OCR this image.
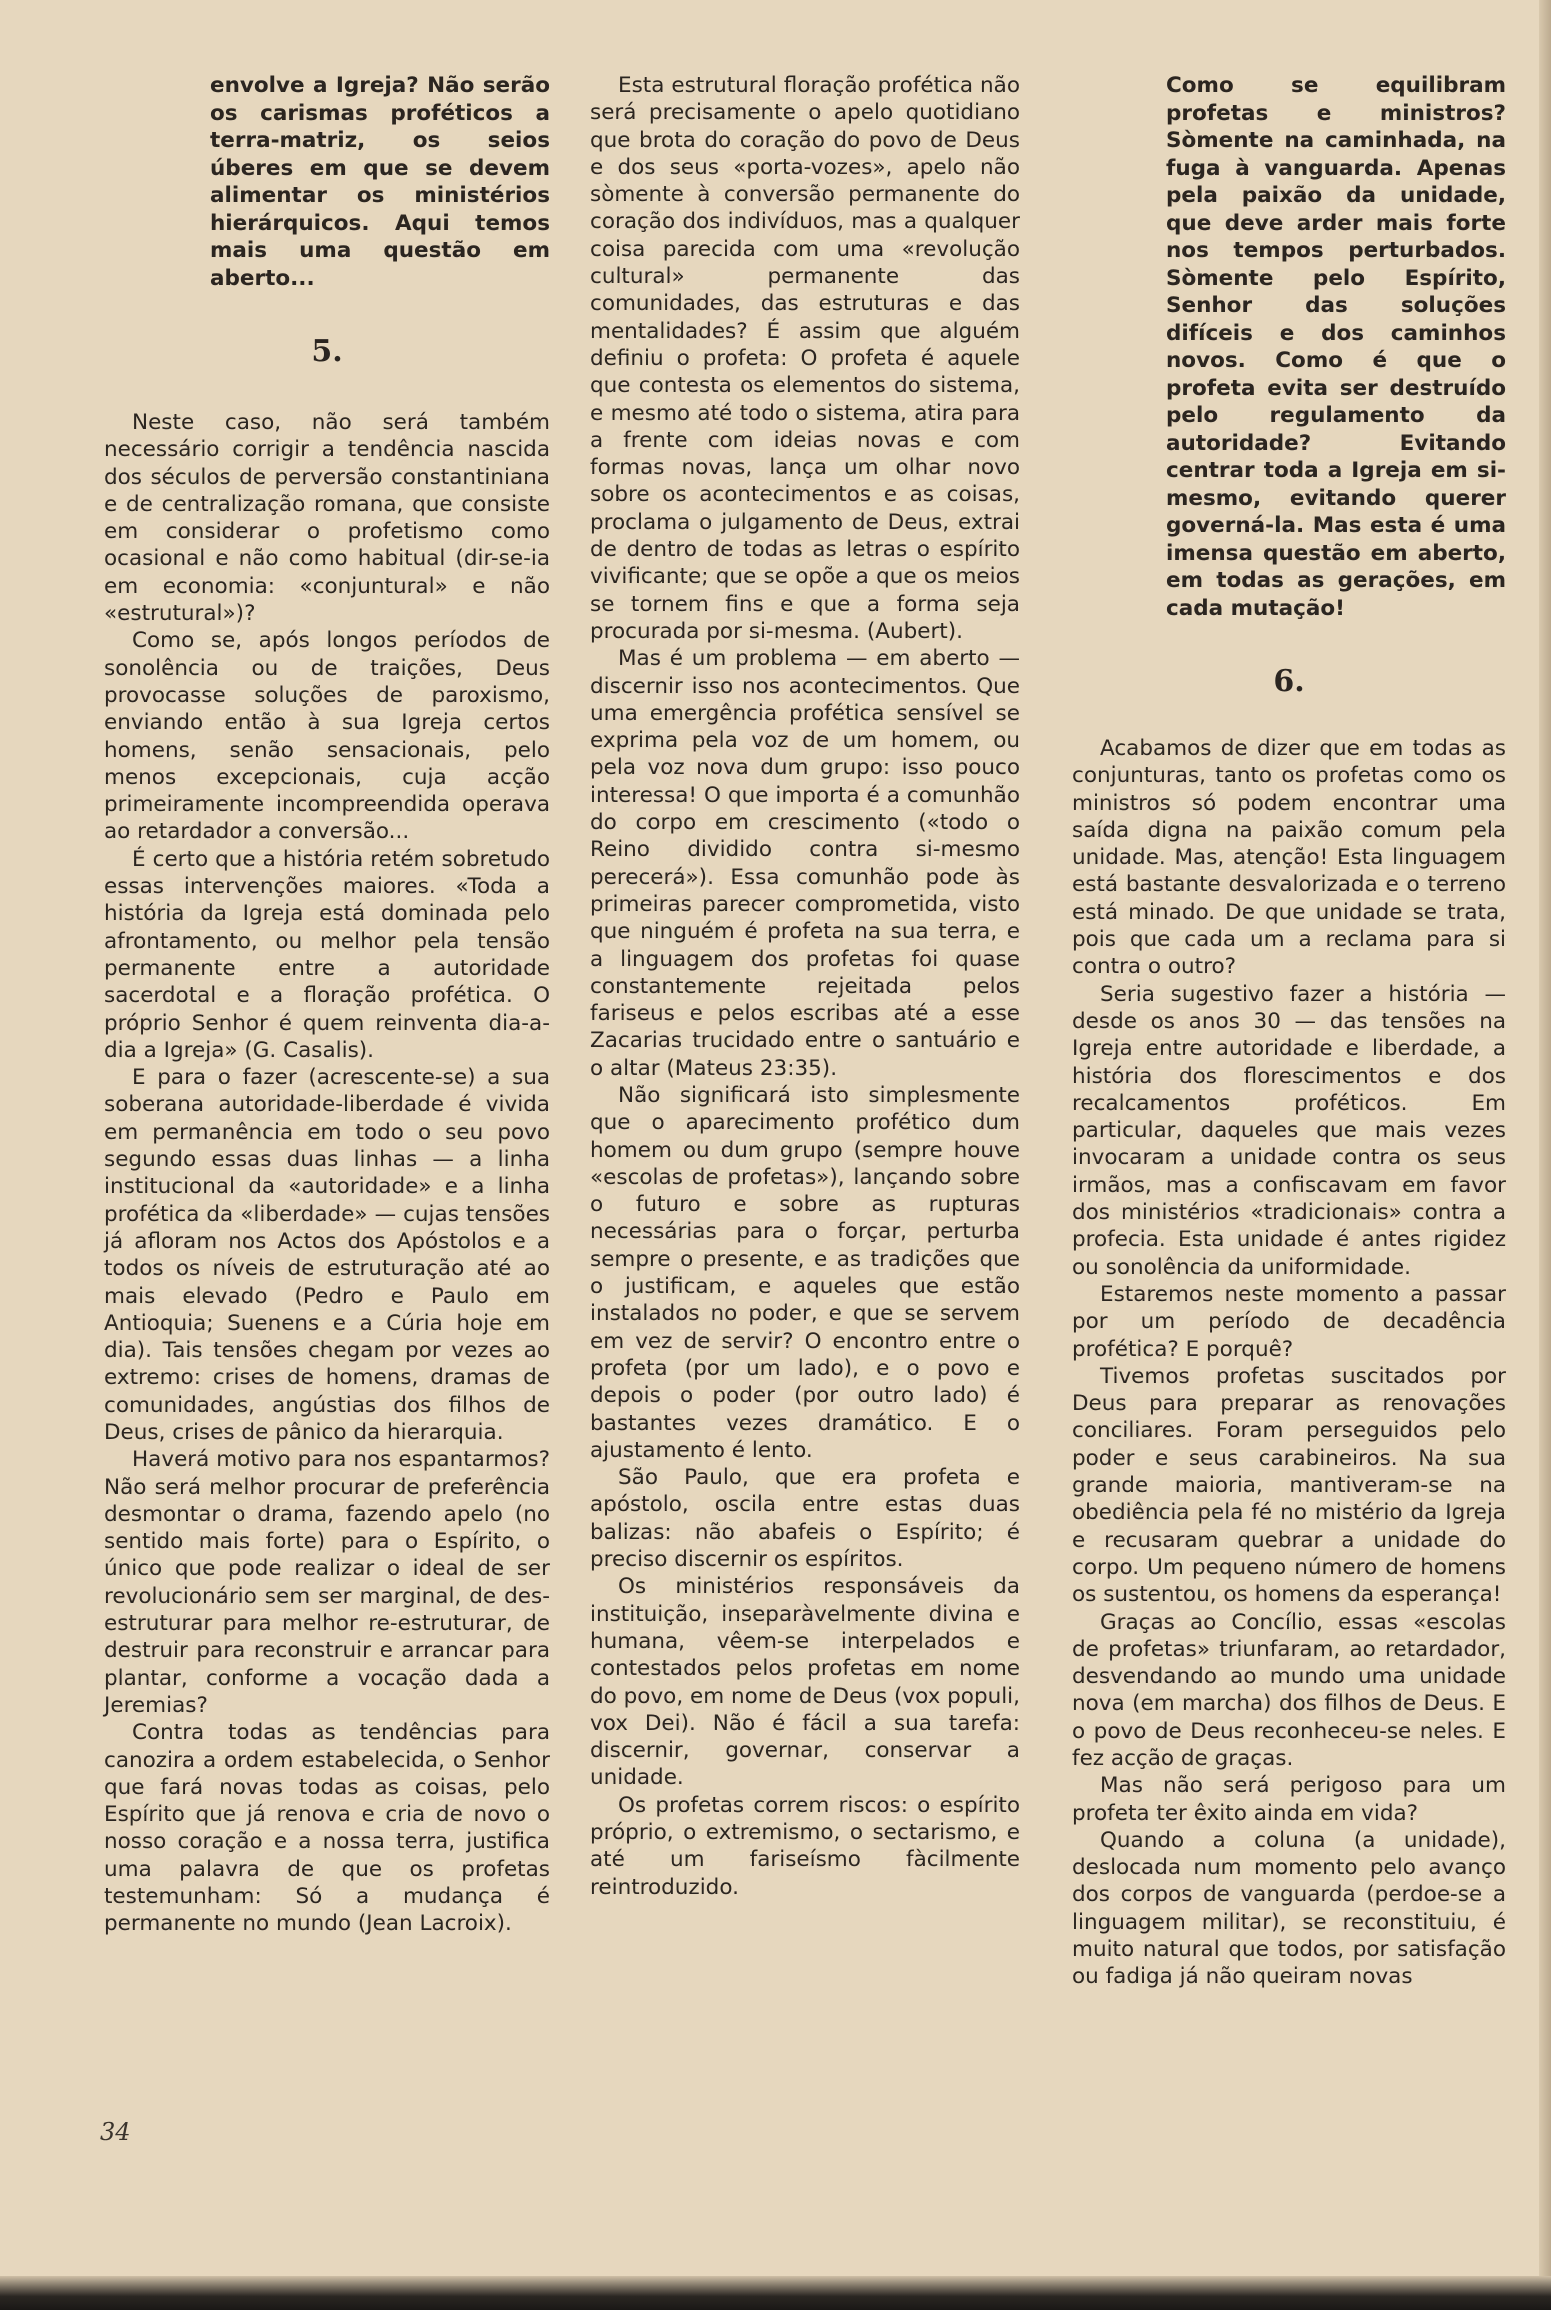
envolve a Igreja? Não serão os carismas proféticos a terra-matriz, os seios úberes em que se devem alimentar os ministérios hierárquicos. Aqui temos mais uma questão em aberto...

5.

Neste caso, não será também necessário corrigir a tendência nascida dos séculos de perversão constantiniana e de centralização romana, que consiste em considerar o profetismo como ocasional e não como habitual (dir-se-ia em economia: «conjuntural» e não «estrutural»)?

Como se, após longos períodos de sonolência ou de traições, Deus provocasse soluções de paroxismo, enviando então à sua Igreja certos homens, senão sensacionais, pelo menos excepcionais, cuja acção primeiramente incompreendida operava ao retardador a conversão...

É certo que a história retém sobretudo essas intervenções maiores. «Toda a história da Igreja está dominada pelo afrontamento, ou melhor pela tensão permanente entre a autoridade sacerdotal e a floração profética. O próprio Senhor é quem reinventa dia-a-dia a Igreja» (G. Casalis).

E para o fazer (acrescente-se) a sua soberana autoridade-liberdade é vivida em permanência em todo o seu povo segundo essas duas linhas — a linha institucional da «autoridade» e a linha profética da «liberdade» — cujas tensões já afloram nos Actos dos Apóstolos e a todos os níveis de estruturação até ao mais elevado (Pedro e Paulo em Antioquia; Suenens e a Cúria hoje em dia). Tais tensões chegam por vezes ao extremo: crises de homens, dramas de comunidades, angústias dos filhos de Deus, crises de pânico da hierarquia.

Haverá motivo para nos espantarmos? Não será melhor procurar de preferência desmontar o drama, fazendo apelo (no sentido mais forte) para o Espírito, o único que pode realizar o ideal de ser revolucionário sem ser marginal, de des-estruturar para melhor re-estruturar, de destruir para reconstruir e arrancar para plantar, conforme a vocação dada a Jeremias?

Contra todas as tendências para canozira a ordem estabelecida, o Senhor que fará novas todas as coisas, pelo Espírito que já renova e cria de novo o nosso coração e a nossa terra, justifica uma palavra de que os profetas testemunham: Só a mudança é permanente no mundo (Jean Lacroix).

Esta estrutural floração profética não será precisamente o apelo quotidiano que brota do coração do povo de Deus e dos seus «porta-vozes», apelo não sòmente à conversão permanente do coração dos indivíduos, mas a qualquer coisa parecida com uma «revolução cultural» permanente das comunidades, das estruturas e das mentalidades? É assim que alguém definiu o profeta: O profeta é aquele que contesta os elementos do sistema, e mesmo até todo o sistema, atira para a frente com ideias novas e com formas novas, lança um olhar novo sobre os acontecimentos e as coisas, proclama o julgamento de Deus, extrai de dentro de todas as letras o espírito vivificante; que se opõe a que os meios se tornem fins e que a forma seja procurada por si-mesma. (Aubert).

Mas é um problema — em aberto — discernir isso nos acontecimentos. Que uma emergência profética sensível se exprima pela voz de um homem, ou pela voz nova dum grupo: isso pouco interessa! O que importa é a comunhão do corpo em crescimento («todo o Reino dividido contra si-mesmo perecerá»). Essa comunhão pode às primeiras parecer comprometida, visto que ninguém é profeta na sua terra, e a linguagem dos profetas foi quase constantemente rejeitada pelos fariseus e pelos escribas até a esse Zacarias trucidado entre o santuário e o altar (Mateus 23:35).

Não significará isto simplesmente que o aparecimento profético dum homem ou dum grupo (sempre houve «escolas de profetas»), lançando sobre o futuro e sobre as rupturas necessárias para o forçar, perturba sempre o presente, e as tradições que o justificam, e aqueles que estão instalados no poder, e que se servem em vez de servir? O encontro entre o profeta (por um lado), e o povo e depois o poder (por outro lado) é bastantes vezes dramático. E o ajustamento é lento.

São Paulo, que era profeta e apóstolo, oscila entre estas duas balizas: não abafeis o Espírito; é preciso discernir os espíritos.

Os ministérios responsáveis da instituição, inseparàvelmente divina e humana, vêem-se interpelados e contestados pelos profetas em nome do povo, em nome de Deus (vox populi, vox Dei). Não é fácil a sua tarefa: discernir, governar, conservar a unidade.

Os profetas correm riscos: o espírito próprio, o extremismo, o sectarismo, e até um fariseísmo fàcilmente reintroduzido.

Como se equilibram profetas e ministros? Sòmente na caminhada, na fuga à vanguarda. Apenas pela paixão da unidade, que deve arder mais forte nos tempos perturbados. Sòmente pelo Espírito, Senhor das soluções difíceis e dos caminhos novos. Como é que o profeta evita ser destruído pelo regulamento da autoridade? Evitando centrar toda a Igreja em si-mesmo, evitando querer governá-la. Mas esta é uma imensa questão em aberto, em todas as gerações, em cada mutação!

6.

Acabamos de dizer que em todas as conjunturas, tanto os profetas como os ministros só podem encontrar uma saída digna na paixão comum pela unidade. Mas, atenção! Esta linguagem está bastante desvalorizada e o terreno está minado. De que unidade se trata, pois que cada um a reclama para si contra o outro?

Seria sugestivo fazer a história — desde os anos 30 — das tensões na Igreja entre autoridade e liberdade, a história dos florescimentos e dos recalcamentos proféticos. Em particular, daqueles que mais vezes invocaram a unidade contra os seus irmãos, mas a confiscavam em favor dos ministérios «tradicionais» contra a profecia. Esta unidade é antes rigidez ou sonolência da uniformidade.

Estaremos neste momento a passar por um período de decadência profética? E porquê?

Tivemos profetas suscitados por Deus para preparar as renovações conciliares. Foram perseguidos pelo poder e seus carabineiros. Na sua grande maioria, mantiveram-se na obediência pela fé no mistério da Igreja e recusaram quebrar a unidade do corpo. Um pequeno número de homens os sustentou, os homens da esperança!

Graças ao Concílio, essas «escolas de profetas» triunfaram, ao retardador, desvendando ao mundo uma unidade nova (em marcha) dos filhos de Deus. E o povo de Deus reconheceu-se neles. E fez acção de graças.

Mas não será perigoso para um profeta ter êxito ainda em vida?

Quando a coluna (a unidade), deslocada num momento pelo avanço dos corpos de vanguarda (perdoe-se a linguagem militar), se reconstituiu, é muito natural que todos, por satisfação ou fadiga já não queiram novas

34
